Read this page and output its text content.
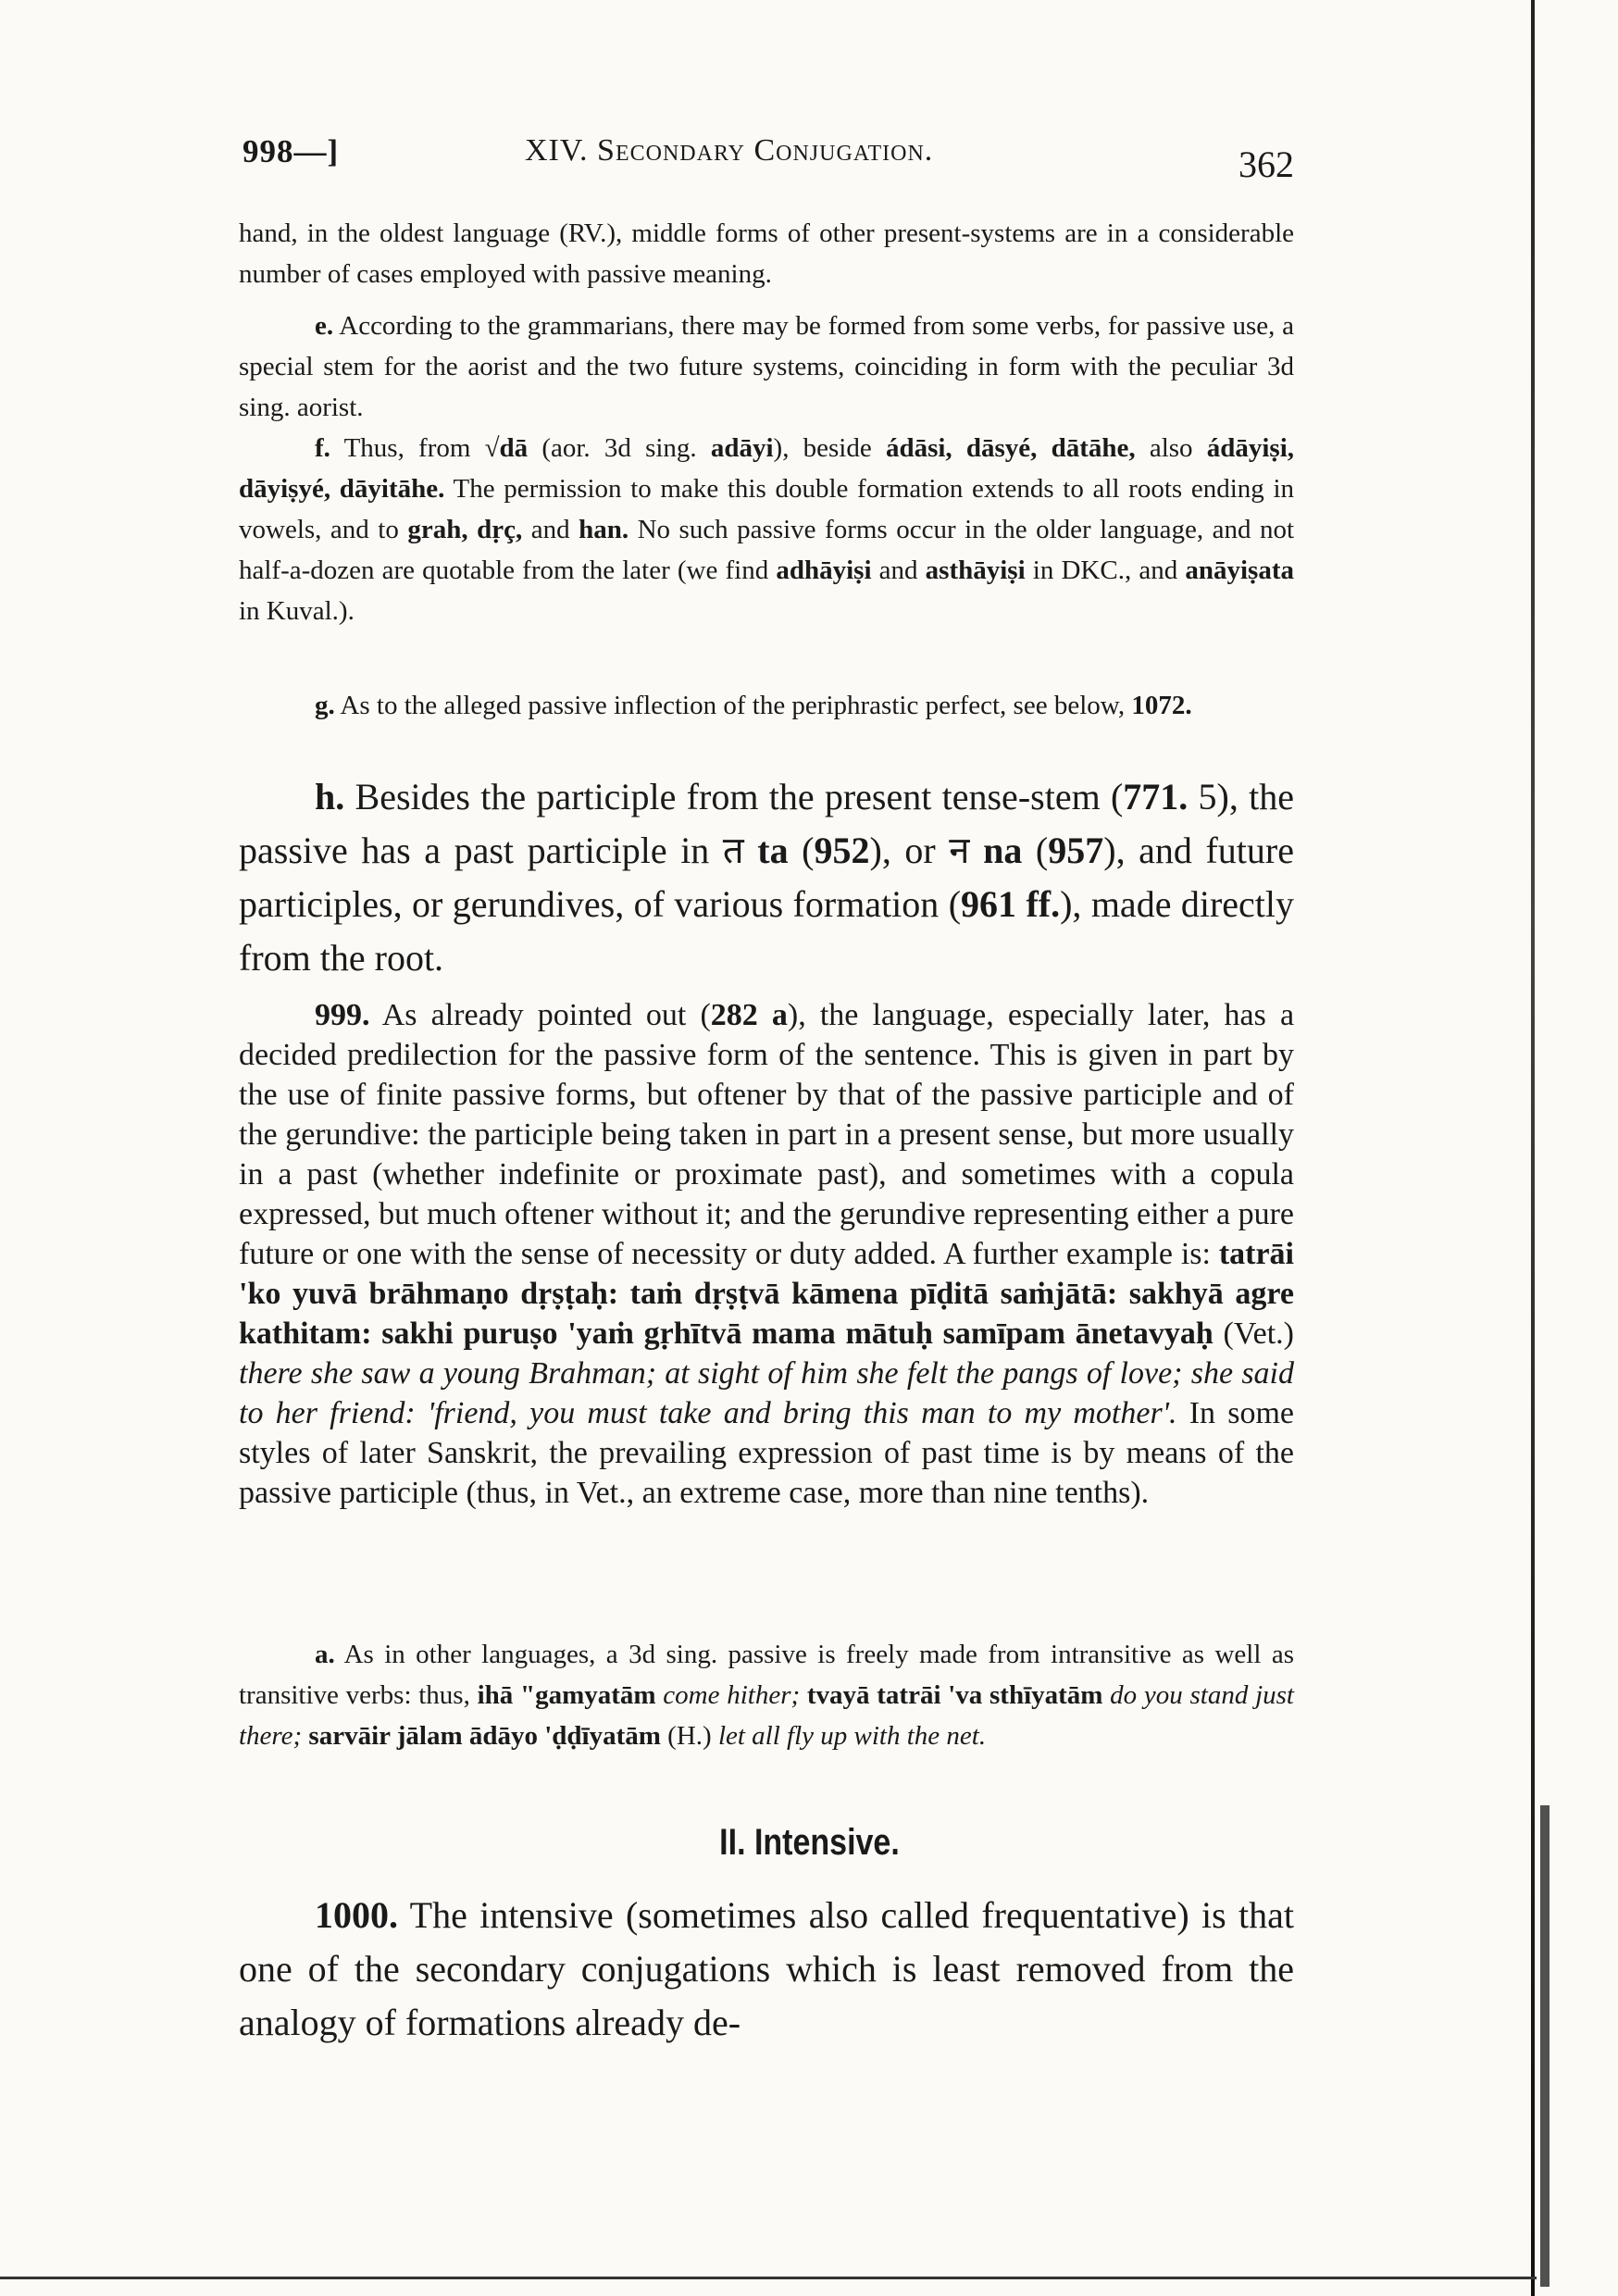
998—]	XIV. Secondary Conjugation.	362
hand, in the oldest language (RV.), middle forms of other present-systems are in a considerable number of cases employed with passive meaning.
e. According to the grammarians, there may be formed from some verbs, for passive use, a special stem for the aorist and the two future systems, coinciding in form with the peculiar 3d sing. aorist.
f. Thus, from √dā (aor. 3d sing. adāyi), beside ádāsi, dāsyé, dātāhe, also ádāyiṣi, dāyiṣyé, dāyitāhe. The permission to make this double formation extends to all roots ending in vowels, and to grah, dṛç, and han. No such passive forms occur in the older language, and not half-a-dozen are quotable from the later (we find adhāyiṣi and asthāyiṣi in DKC., and anāyiṣata in Kuval.).
g. As to the alleged passive inflection of the periphrastic perfect, see below, 1072.
h. Besides the participle from the present tense-stem (771. 5), the passive has a past participle in त ta (952), or न na (957), and future participles, or gerundives, of various formation (961 ff.), made directly from the root.
999. As already pointed out (282 a), the language, especially later, has a decided predilection for the passive form of the sentence. This is given in part by the use of finite passive forms, but oftener by that of the passive participle and of the gerundive: the participle being taken in part in a present sense, but more usually in a past (whether indefinite or proximate past), and sometimes with a copula expressed, but much oftener without it; and the gerundive representing either a pure future or one with the sense of necessity or duty added. A further example is: tatrāi 'ko yuvā brāhmaṇo dṛṣṭaḥ: taṁ dṛṣṭvā kāmena pīḍitā saṁjātā: sakhyā agre kathitam: sakhi puruṣo 'yaṁ gṛhītvā mama mātuḥ samīpam ānetavyaḥ (Vet.) there she saw a young Brahman; at sight of him she felt the pangs of love; she said to her friend: 'friend, you must take and bring this man to my mother'. In some styles of later Sanskrit, the prevailing expression of past time is by means of the passive participle (thus, in Vet., an extreme case, more than nine tenths).
a. As in other languages, a 3d sing. passive is freely made from intransitive as well as transitive verbs: thus, ihā "gamyatām come hither; tvayā tatrāi 'va sthīyatām do you stand just there; sarvāir jālam ādāyo 'ḍḍīyatām (H.) let all fly up with the net.
II. Intensive.
1000. The intensive (sometimes also called frequentative) is that one of the secondary conjugations which is least removed from the analogy of formations already de-
